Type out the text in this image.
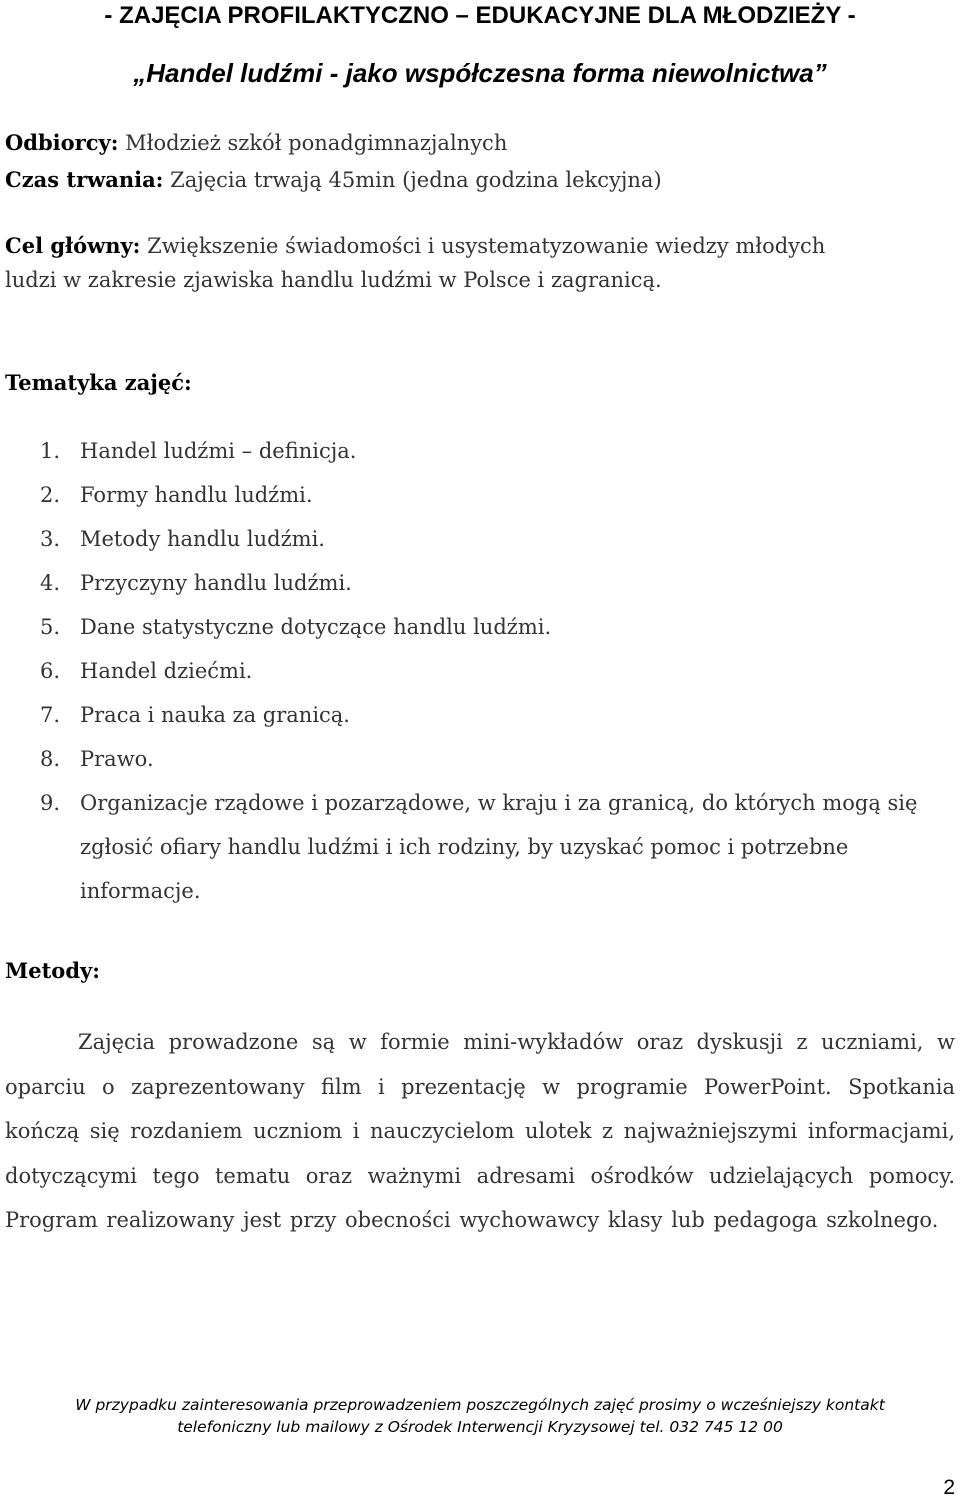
- ZAJĘCIA PROFILAKTYCZNO – EDUKACYJNE DLA MŁODZIEŻY -
„Handel ludźmi - jako współczesna forma niewolnictwa”
Odbiorcy: Młodzież szkół ponadgimnazjalnych
Czas trwania: Zajęcia trwają 45min (jedna godzina lekcyjna)
Cel główny: Zwiększenie świadomości i usystematyzowanie wiedzy młodych
ludzi w zakresie zjawiska handlu ludźmi w Polsce i zagranicą.
Tematyka zajęć:
1. Handel ludźmi – definicja.
2. Formy handlu ludźmi.
3. Metody handlu ludźmi.
4. Przyczyny handlu ludźmi.
5. Dane statystyczne dotyczące handlu ludźmi.
6. Handel dziećmi.
7. Praca i nauka za granicą.
8. Prawo.
9. Organizacje rządowe i pozarządowe, w kraju i za granicą, do których mogą się zgłosić ofiary handlu ludźmi i ich rodziny, by uzyskać pomoc i potrzebne informacje.
Metody:
Zajęcia prowadzone są w formie mini-wykładów oraz dyskusji z uczniami, w oparciu o zaprezentowany film i prezentację w programie PowerPoint. Spotkania kończą się rozdaniem uczniom i nauczycielom ulotek z najważniejszymi informacjami, dotyczącymi tego tematu oraz ważnymi adresami ośrodków udzielających pomocy. Program realizowany jest przy obecności wychowawcy klasy lub pedagoga szkolnego.
W przypadku zainteresowania przeprowadzeniem poszczególnych zajęć prosimy o wcześniejszy kontakt
telefoniczny lub mailowy z Ośrodek Interwencji Kryzysowej tel. 032 745 12 00
2
